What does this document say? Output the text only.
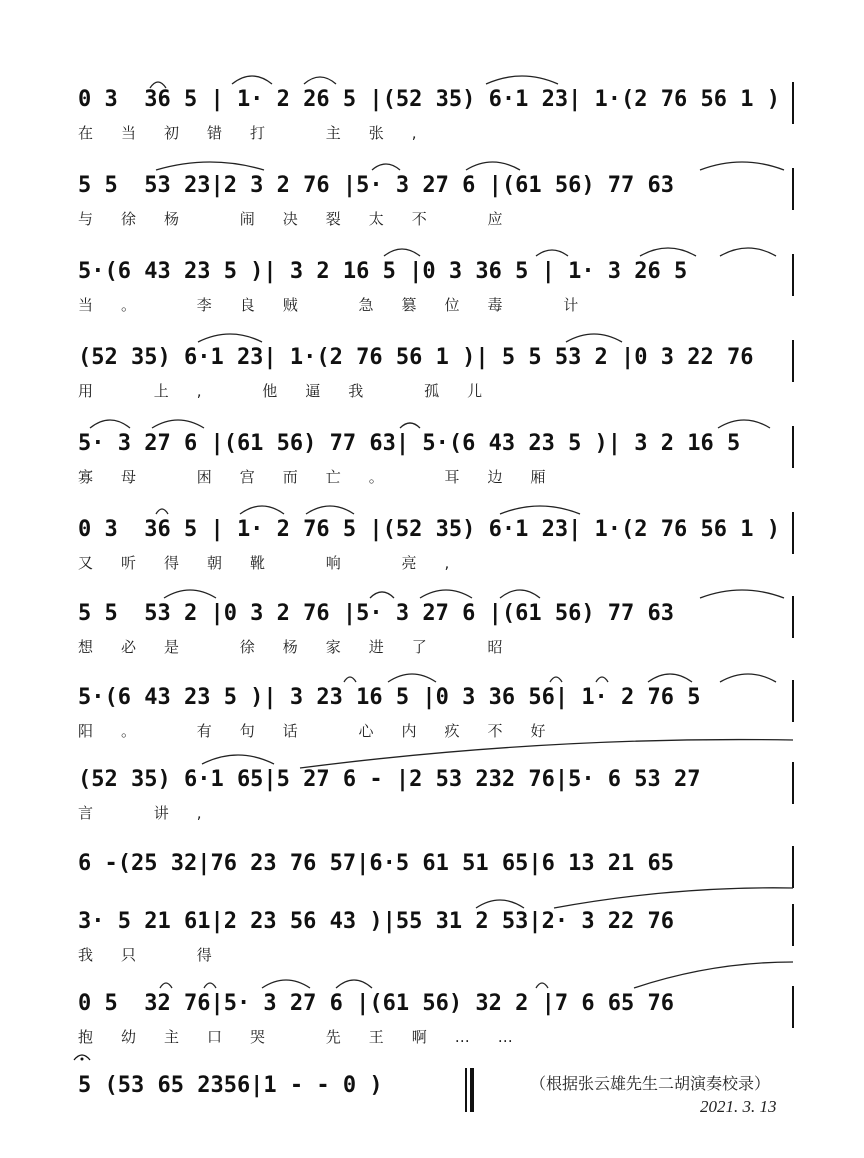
0 3  36 5 | 1· 2 26 5 |(52 35) 6·1 23| 1·(2 76 56 1 )
在当初错打 主张,
5 5  53 23|2 3 2 76 |5· 3 27 6 |(61 56) 77 63
与徐杨 闹决裂太不 应
5·(6 43 23 5 )| 3 2 16 5 |0 3 36 5 | 1· 3 26 5
当。 李良贼 急篡位毒 计
(52 35) 6·1 23| 1·(2 76 56 1 )| 5 5 53 2 |0 3 22 76
用 上, 他逼我 孤儿
5· 3 27 6 |(61 56) 77 63| 5·(6 43 23 5 )| 3 2 16 5
寡母 困宫而亡。 耳边厢
0 3  36 5 | 1· 2 76 5 |(52 35) 6·1 23| 1·(2 76 56 1 )
又听得朝靴 响 亮,
5 5  53 2 |0 3 2 76 |5· 3 27 6 |(61 56) 77 63
想必是 徐杨家进了 昭
5·(6 43 23 5 )| 3 23 16 5 |0 3 36 56| 1· 2 76 5
阳。 有句话 心内疚不好
(52 35) 6·1 65|5 27 6 - |2 53 232 76|5· 6 53 27
言 讲,
6 -(25 32|76 23 76 57|6·5 61 51 65|6 13 21 65
3· 5 21 61|2 23 56 43 )|55 31 2 53|2· 3 22 76
我只 得
0 5  32 76|5· 3 27 6 |(61 56) 32 2 |7 6 65 76
抱幼主口哭 先王啊……
5 (53 65 2356|1 - - 0 )	（根据张云雄先生二胡演奏校录）
2021. 3. 13
